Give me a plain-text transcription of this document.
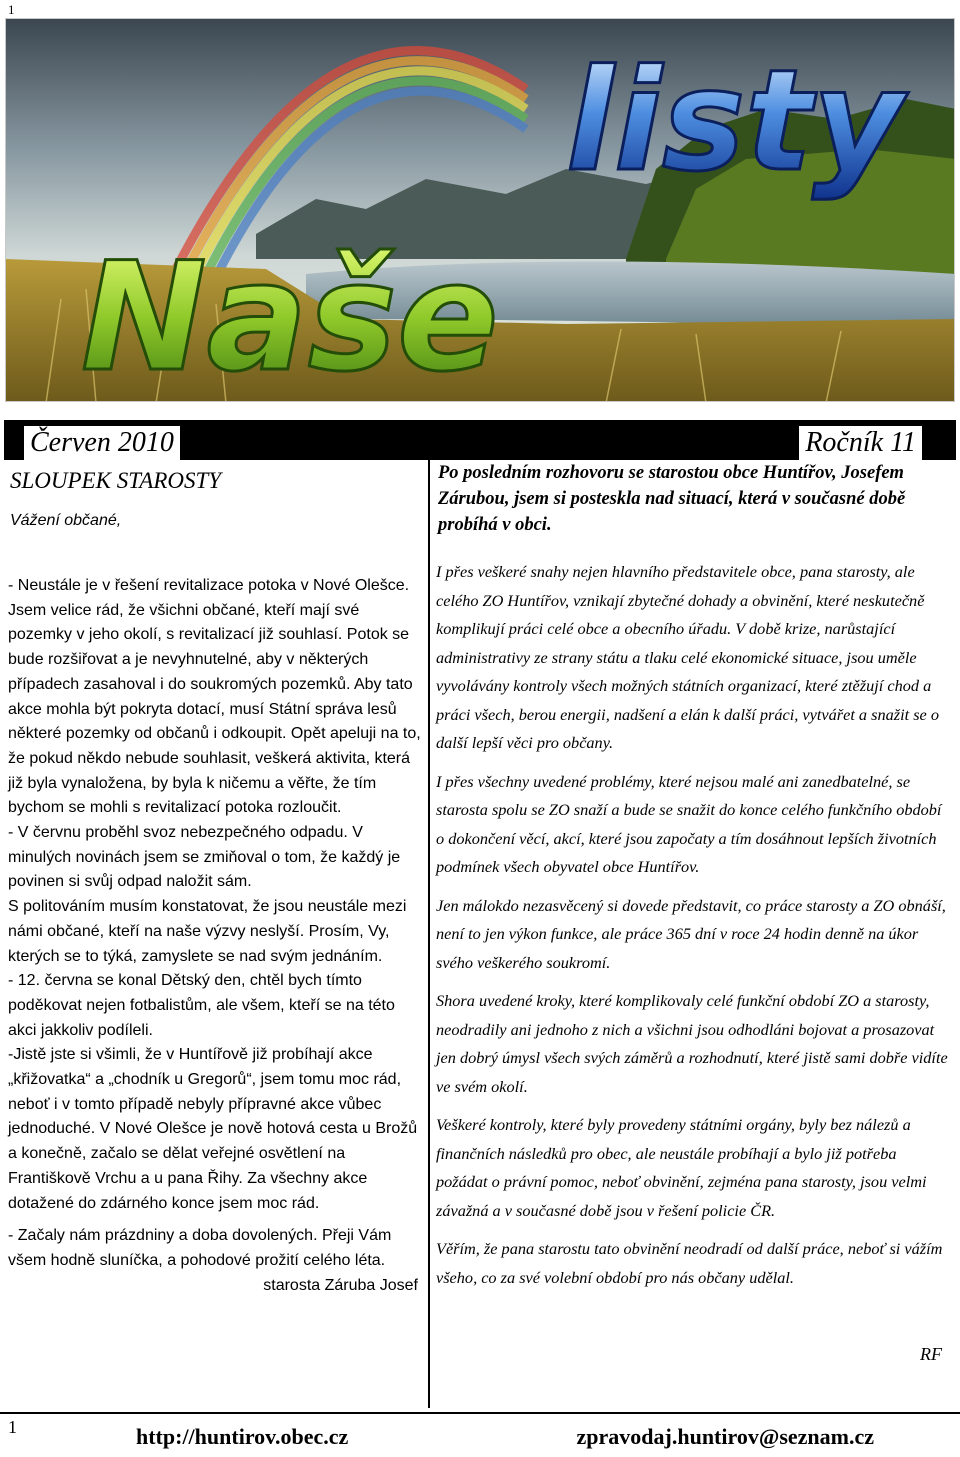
1
listy
Naše
Červen 2010	Ročník 11
SLOUPEK STAROSTY
Vážení občané,

- Neustále je v řešení revitalizace potoka v Nové Olešce. Jsem velice rád, že všichni občané, kteří mají své pozemky v jeho okolí, s revitalizací již souhlasí. Potok se bude rozšiřovat a je nevyhnutelné, aby v některých případech zasahoval i do soukromých pozemků. Aby tato akce mohla být pokryta dotací, musí Státní správa lesů některé pozemky od občanů i odkoupit. Opět apeluji na to, že pokud někdo nebude souhlasit, veškerá aktivita, která již byla vynaložena, by byla k ničemu a věřte, že tím bychom se mohli s revitalizací potoka rozloučit.

- V červnu proběhl svoz nebezpečného odpadu. V minulých novinách jsem se zmiňoval o tom, že každý je povinen si svůj odpad naložit sám.

S politováním musím konstatovat, že jsou neustále mezi námi občané, kteří na naše výzvy neslyší. Prosím, Vy, kterých se to týká, zamyslete se nad svým jednáním.

- 12. června se konal Dětský den, chtěl bych tímto poděkovat nejen fotbalistům, ale všem, kteří se na této akci jakkoliv podíleli.

-Jistě jste si všimli, že v Huntířově již probíhají akce „křižovatka“ a „chodník u Gregorů“, jsem tomu moc rád, neboť i v tomto případě nebyly přípravné akce vůbec jednoduché. V Nové Olešce je nově hotová cesta u Brožů a konečně, začalo se dělat veřejné osvětlení na Františkově Vrchu a u pana Řihy. Za všechny akce dotažené do zdárného konce jsem moc rád.

- Začaly nám prázdniny a doba dovolených. Přeji Vám všem hodně sluníčka, a pohodové prožití celého léta.

starosta Záruba Josef
Po posledním rozhovoru se starostou obce Huntířov, Josefem Zárubou, jsem si posteskla nad situací, která v současné době probíhá v obci.

I přes veškeré snahy nejen hlavního představitele obce, pana starosty, ale celého ZO Huntířov, vznikají zbytečné dohady a obvinění, které neskutečně komplikují práci celé obce a obecního úřadu. V době krize, narůstající administrativy ze strany státu a tlaku celé ekonomické situace, jsou uměle vyvolávány kontroly všech možných státních organizací, které ztěžují chod a práci všech, berou energii, nadšení a elán k další práci, vytvářet a snažit se o další lepší věci pro občany.

I přes všechny uvedené problémy, které nejsou malé ani zanedbatelné, se starosta spolu se ZO snaží a bude se snažit do konce celého funkčního období o dokončení věcí, akcí, které jsou započaty a tím dosáhnout lepších životních podmínek všech obyvatel obce Huntířov.

Jen málokdo nezasvěcený si dovede představit, co práce starosty a ZO obnáší, není to jen výkon funkce, ale práce 365 dní v roce 24 hodin denně na úkor svého veškerého soukromí.

Shora uvedené kroky, které komplikovaly celé funkční období ZO a starosty, neodradily ani jednoho z nich a všichni jsou odhodláni bojovat a prosazovat jen dobrý úmysl všech svých záměrů a rozhodnutí, které jistě sami dobře vidíte ve svém okolí.

Veškeré kontroly, které byly provedeny státními orgány, byly bez nálezů a finančních následků pro obec, ale neustále probíhají a bylo již potřeba požádat o právní pomoc, neboť obvinění, zejména pana starosty, jsou velmi závažná a v současné době jsou v řešení policie ČR.

Věřím, že pana starostu tato obvinění neodradí od další práce, neboť si vážím všeho, co za své volební období pro nás občany udělal.

RF
1	http://huntirov.obec.cz	zpravodaj.huntirov@seznam.cz
